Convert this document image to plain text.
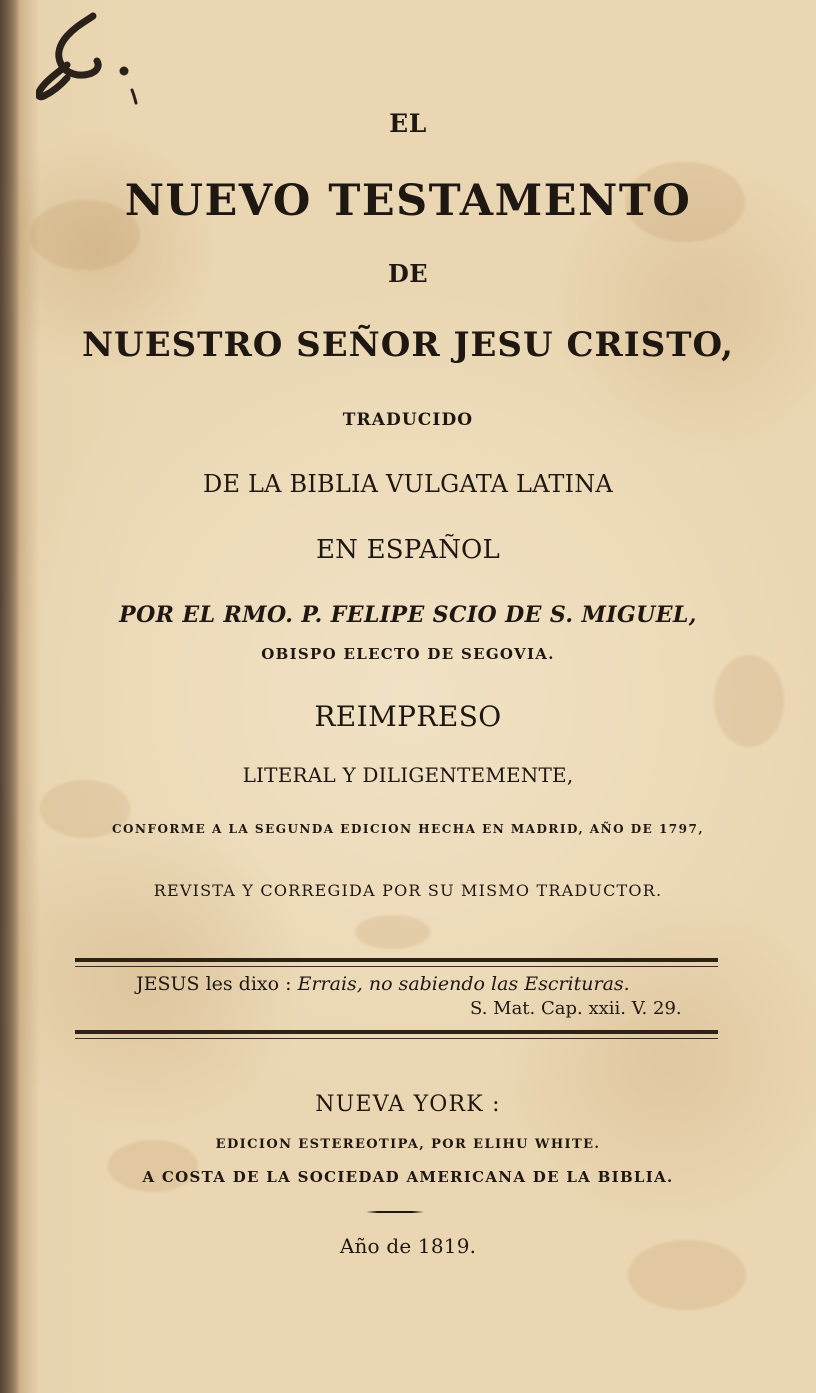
EL
NUEVO TESTAMENTO
DE
NUESTRO SEÑOR JESU CRISTO,
TRADUCIDO
DE LA BIBLIA VULGATA LATINA
EN ESPAÑOL
POR EL RMO. P. FELIPE SCIO DE S. MIGUEL,
OBISPO ELECTO DE SEGOVIA.
REIMPRESO
LITERAL Y DILIGENTEMENTE,
CONFORME A LA SEGUNDA EDICION HECHA EN MADRID, AÑO DE 1797,
REVISTA Y CORREGIDA POR SU MISMO TRADUCTOR.
JESUS les dixo : Errais, no sabiendo las Escrituras.
S. Mat. Cap. xxii. V. 29.
NUEVA YORK :
EDICION ESTEREOTIPA, POR ELIHU WHITE.
A COSTA DE LA SOCIEDAD AMERICANA DE LA BIBLIA.
Año de 1819.
